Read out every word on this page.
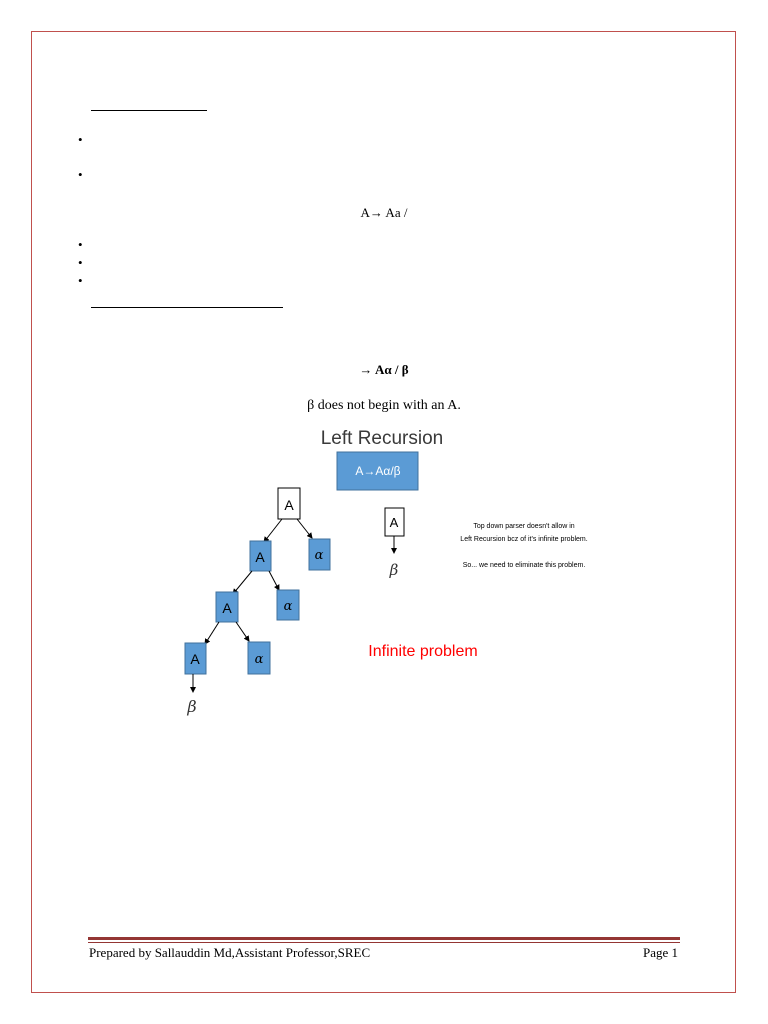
•
•
A→ Aa /
•
•
•
→ Aα / β
β does not begin with an A.
Left Recursion
A→Aα/β
A
A	α
A	α
A	α
β
A
β
Top down parser doesn't allow in
Left Recursion bcz of it's infinite problem.
So... we need to eliminate this problem.
Infinite problem
Prepared by Sallauddin Md,Assistant Professor,SREC	Page 1
